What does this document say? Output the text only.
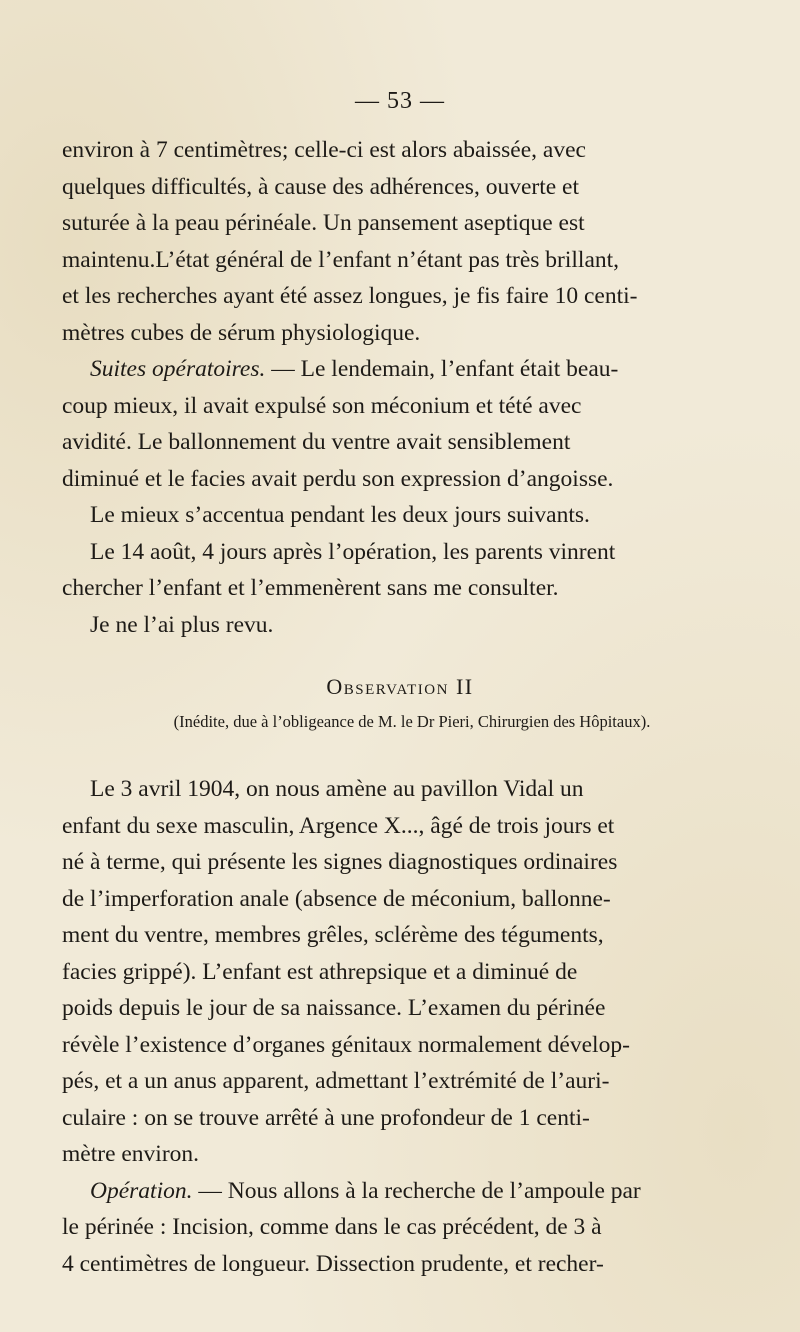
— 53 —
environ à 7 centimètres; celle-ci est alors abaissée, avec
quelques difficultés, à cause des adhérences, ouverte et
suturée à la peau périnéale. Un pansement aseptique est
maintenu.L’état général de l’enfant n’étant pas très brillant,
et les recherches ayant été assez longues, je fis faire 10 centi-
mètres cubes de sérum physiologique.
Suites opératoires. — Le lendemain, l’enfant était beau-
coup mieux, il avait expulsé son méconium et tété avec
avidité. Le ballonnement du ventre avait sensiblement
diminué et le facies avait perdu son expression d’angoisse.
Le mieux s’accentua pendant les deux jours suivants.
Le 14 août, 4 jours après l’opération, les parents vinrent
chercher l’enfant et l’emmenèrent sans me consulter.
Je ne l’ai plus revu.
Observation II
(Inédite, due à l’obligeance de M. le Dr Pieri, Chirurgien des Hôpitaux).
Le 3 avril 1904, on nous amène au pavillon Vidal un
enfant du sexe masculin, Argence X..., âgé de trois jours et
né à terme, qui présente les signes diagnostiques ordinaires
de l’imperforation anale (absence de méconium, ballonne-
ment du ventre, membres grêles, sclérème des téguments,
facies grippé). L’enfant est athrepsique et a diminué de
poids depuis le jour de sa naissance. L’examen du périnée
révèle l’existence d’organes génitaux normalement dévelop-
pés, et a un anus apparent, admettant l’extrémité de l’auri-
culaire : on se trouve arrêté à une profondeur de 1 centi-
mètre environ.
Opération. — Nous allons à la recherche de l’ampoule par
le périnée : Incision, comme dans le cas précédent, de 3 à
4 centimètres de longueur. Dissection prudente, et recher-
